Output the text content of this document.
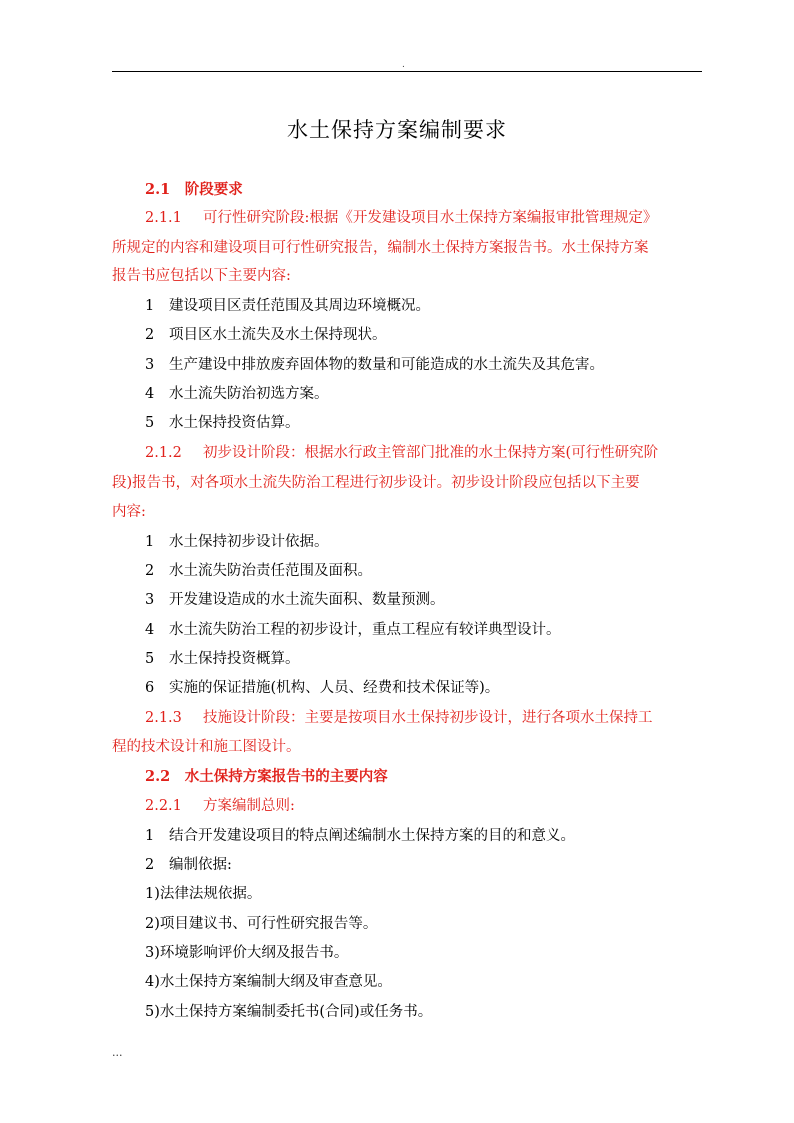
.
水土保持方案编制要求
2.1　阶段要求
2.1.1 可行性研究阶段:根据《开发建设项目水土保持方案编报审批管理规定》
所规定的内容和建设项目可行性研究报告，编制水土保持方案报告书。水土保持方案
报告书应包括以下主要内容:
1 建设项目区责任范围及其周边环境概况。
2 项目区水土流失及水土保持现状。
3 生产建设中排放废弃固体物的数量和可能造成的水土流失及其危害。
4 水土流失防治初选方案。
5 水土保持投资估算。
2.1.2 初步设计阶段：根据水行政主管部门批准的水土保持方案(可行性研究阶
段)报告书，对各项水土流失防治工程进行初步设计。初步设计阶段应包括以下主要
内容:
1 水土保持初步设计依据。
2 水土流失防治责任范围及面积。
3 开发建设造成的水土流失面积、数量预测。
4 水土流失防治工程的初步设计，重点工程应有较详典型设计。
5 水土保持投资概算。
6 实施的保证措施(机构、人员、经费和技术保证等)。
2.1.3 技施设计阶段：主要是按项目水土保持初步设计，进行各项水土保持工
程的技术设计和施工图设计。
2.2　水土保持方案报告书的主要内容
2.2.1 方案编制总则:
1 结合开发建设项目的特点阐述编制水土保持方案的目的和意义。
2 编制依据:
1)法律法规依据。
2)项目建议书、可行性研究报告等。
3)环境影响评价大纲及报告书。
4)水土保持方案编制大纲及审查意见。
5)水土保持方案编制委托书(合同)或任务书。
...
